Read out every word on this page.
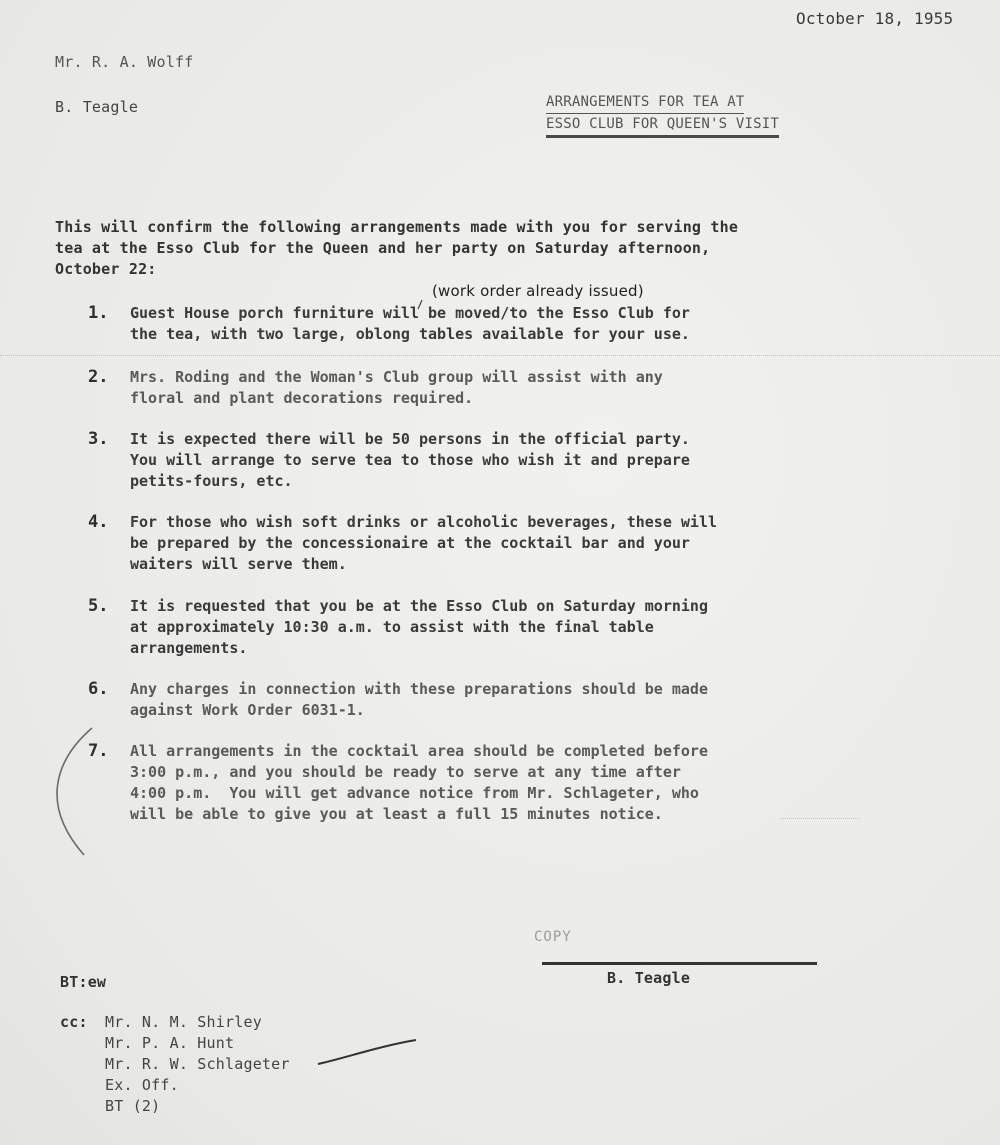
October 18, 1955
Mr. R. A. Wolff
B. Teagle	ARRANGEMENTS FOR TEA AT
ESSO CLUB FOR QUEEN'S VISIT
This will confirm the following arrangements made with you for serving the
tea at the Esso Club for the Queen and her party on Saturday afternoon,
October 22:
(work order already issued)
1. Guest House porch furniture will be moved/to the Esso Club for
the tea, with two large, oblong tables available for your use.
2. Mrs. Roding and the Woman's Club group will assist with any
floral and plant decorations required.
3. It is expected there will be 50 persons in the official party.
You will arrange to serve tea to those who wish it and prepare
petits-fours, etc.
4. For those who wish soft drinks or alcoholic beverages, these will
be prepared by the concessionaire at the cocktail bar and your
waiters will serve them.
5. It is requested that you be at the Esso Club on Saturday morning
at approximately 10:30 a.m. to assist with the final table
arrangements.
6. Any charges in connection with these preparations should be made
against Work Order 6031-1.
7. All arrangements in the cocktail area should be completed before
3:00 p.m., and you should be ready to serve at any time after
4:00 p.m.  You will get advance notice from Mr. Schlageter, who
will be able to give you at least a full 15 minutes notice.
COPY
B. Teagle
BT:ew
cc: Mr. N. M. Shirley
Mr. P. A. Hunt
Mr. R. W. Schlageter
Ex. Off.
BT (2)
